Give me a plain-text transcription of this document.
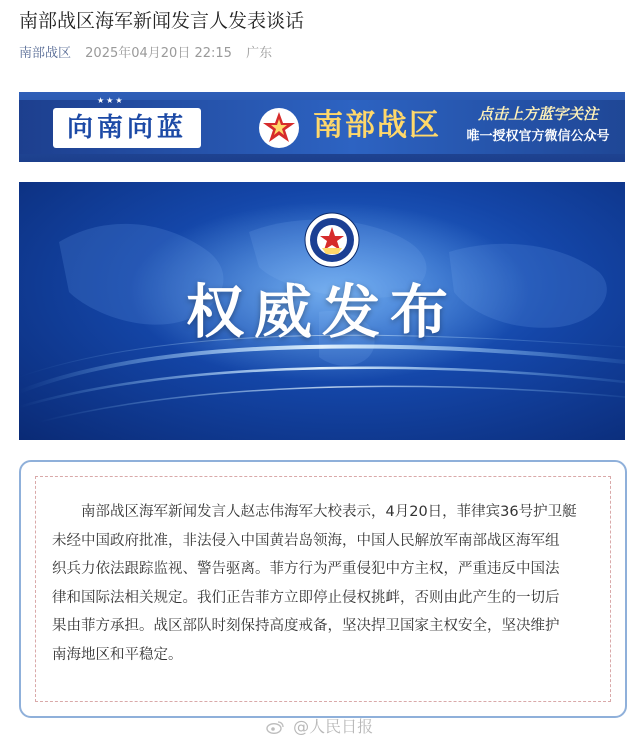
南部战区海军新闻发言人发表谈话
南部战区 2025年04月20日 22:15 广东
★★★
向南向蓝	南部战区	点击上方蓝字关注
唯一授权官方微信公众号
权威发布
南部战区海军新闻发言人赵志伟海军大校表示，4月20日，菲律宾36号护卫艇
未经中国政府批准，非法侵入中国黄岩岛领海，中国人民解放军南部战区海军组
织兵力依法跟踪监视、警告驱离。菲方行为严重侵犯中方主权，严重违反中国法
律和国际法相关规定。我们正告菲方立即停止侵权挑衅，否则由此产生的一切后
果由菲方承担。战区部队时刻保持高度戒备，坚决捍卫国家主权安全，坚决维护
南海地区和平稳定。
@人民日报
